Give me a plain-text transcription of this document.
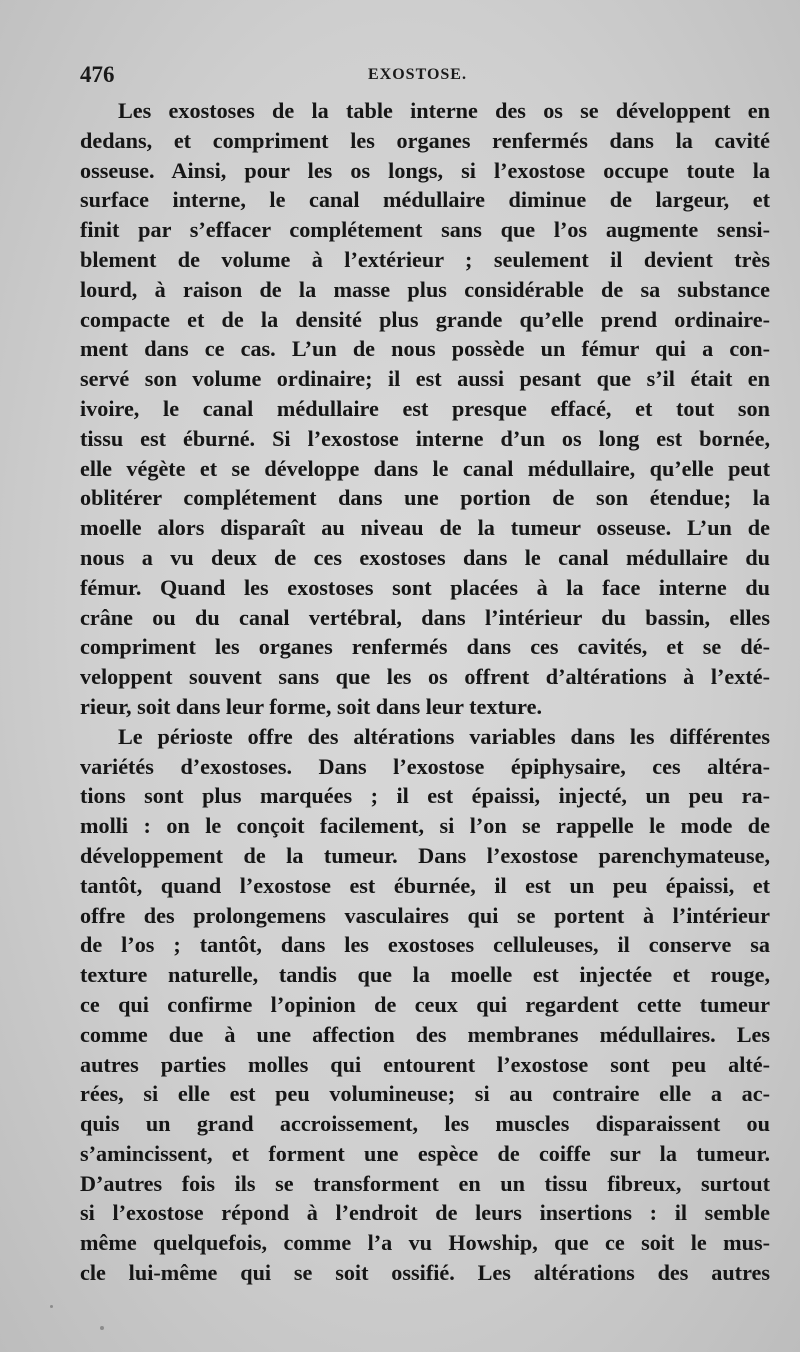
476	EXOSTOSE.
Les exostoses de la table interne des os se développent en
dedans, et compriment les organes renfermés dans la cavité
osseuse. Ainsi, pour les os longs, si l’exostose occupe toute la
surface interne, le canal médullaire diminue de largeur, et
finit par s’effacer complétement sans que l’os augmente sensi-
blement de volume à l’extérieur ; seulement il devient très
lourd, à raison de la masse plus considérable de sa substance
compacte et de la densité plus grande qu’elle prend ordinaire-
ment dans ce cas. L’un de nous possède un fémur qui a con-
servé son volume ordinaire; il est aussi pesant que s’il était en
ivoire, le canal médullaire est presque effacé, et tout son
tissu est éburné. Si l’exostose interne d’un os long est bornée,
elle végète et se développe dans le canal médullaire, qu’elle peut
oblitérer complétement dans une portion de son étendue; la
moelle alors disparaît au niveau de la tumeur osseuse. L’un de
nous a vu deux de ces exostoses dans le canal médullaire du
fémur. Quand les exostoses sont placées à la face interne du
crâne ou du canal vertébral, dans l’intérieur du bassin, elles
compriment les organes renfermés dans ces cavités, et se dé-
veloppent souvent sans que les os offrent d’altérations à l’exté-
rieur, soit dans leur forme, soit dans leur texture.
Le périoste offre des altérations variables dans les différentes
variétés d’exostoses. Dans l’exostose épiphysaire, ces altéra-
tions sont plus marquées ; il est épaissi, injecté, un peu ra-
molli : on le conçoit facilement, si l’on se rappelle le mode de
développement de la tumeur. Dans l’exostose parenchymateuse,
tantôt, quand l’exostose est éburnée, il est un peu épaissi, et
offre des prolongemens vasculaires qui se portent à l’intérieur
de l’os ; tantôt, dans les exostoses celluleuses, il conserve sa
texture naturelle, tandis que la moelle est injectée et rouge,
ce qui confirme l’opinion de ceux qui regardent cette tumeur
comme due à une affection des membranes médullaires. Les
autres parties molles qui entourent l’exostose sont peu alté-
rées, si elle est peu volumineuse; si au contraire elle a ac-
quis un grand accroissement, les muscles disparaissent ou
s’amincissent, et forment une espèce de coiffe sur la tumeur.
D’autres fois ils se transforment en un tissu fibreux, surtout
si l’exostose répond à l’endroit de leurs insertions : il semble
même quelquefois, comme l’a vu Howship, que ce soit le mus-
cle lui-même qui se soit ossifié. Les altérations des autres
